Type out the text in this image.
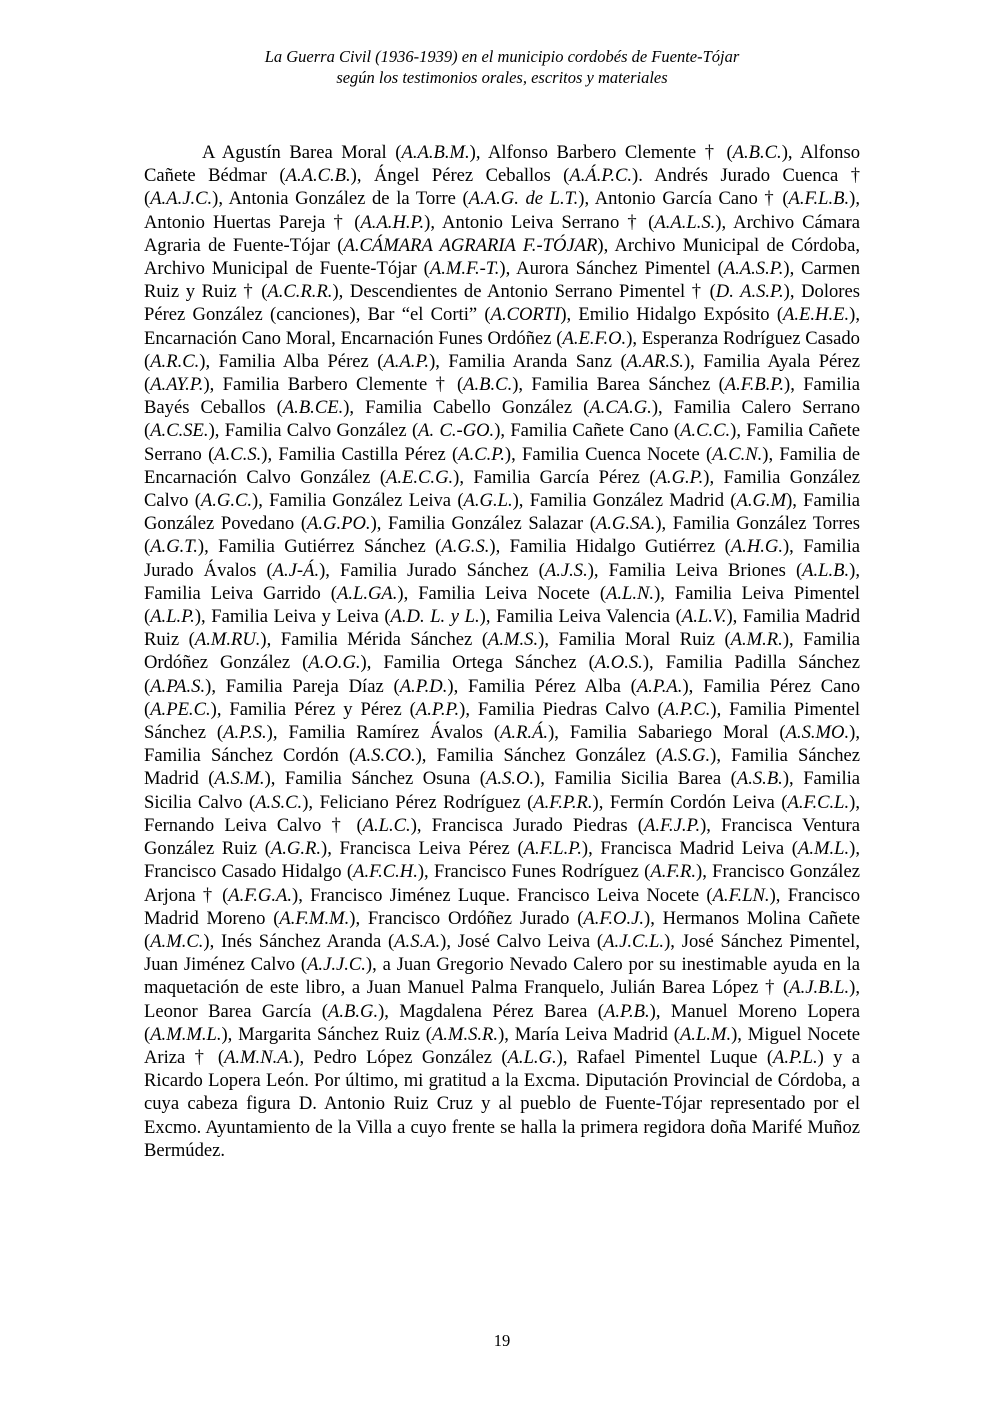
La Guerra Civil (1936-1939) en el municipio cordobés de Fuente-Tójar
según los testimonios orales, escritos y materiales
A Agustín Barea Moral (A.A.B.M.), Alfonso Barbero Clemente † (A.B.C.), Alfonso Cañete Bédmar (A.A.C.B.), Ángel Pérez Ceballos (A.Á.P.C.). Andrés Jurado Cuenca † (A.A.J.C.), Antonia González de la Torre (A.A.G. de L.T.), Antonio García Cano † (A.F.L.B.), Antonio Huertas Pareja † (A.A.H.P.), Antonio Leiva Serrano † (A.A.L.S.), Archivo Cámara Agraria de Fuente-Tójar (A.CÁMARA AGRARIA F.-TÓJAR), Archivo Municipal de Córdoba, Archivo Municipal de Fuente-Tójar (A.M.F.-T.), Aurora Sánchez Pimentel (A.A.S.P.), Carmen Ruiz y Ruiz † (A.C.R.R.), Descendientes de Antonio Serrano Pimentel † (D. A.S.P.), Dolores Pérez González (canciones), Bar “el Corti” (A.CORTI), Emilio Hidalgo Expósito (A.E.H.E.), Encarnación Cano Moral, Encarnación Funes Ordóñez (A.E.F.O.), Esperanza Rodríguez Casado (A.R.C.), Familia Alba Pérez (A.A.P.), Familia Aranda Sanz (A.AR.S.), Familia Ayala Pérez (A.AY.P.), Familia Barbero Clemente † (A.B.C.), Familia Barea Sánchez (A.F.B.P.), Familia Bayés Ceballos (A.B.CE.), Familia Cabello González (A.CA.G.), Familia Calero Serrano (A.C.SE.), Familia Calvo González (A. C.-GO.), Familia Cañete Cano (A.C.C.), Familia Cañete Serrano (A.C.S.), Familia Castilla Pérez (A.C.P.), Familia Cuenca Nocete (A.C.N.), Familia de Encarnación Calvo González (A.E.C.G.), Familia García Pérez (A.G.P.), Familia González Calvo (A.G.C.), Familia González Leiva (A.G.L.), Familia González Madrid (A.G.M), Familia González Povedano (A.G.PO.), Familia González Salazar (A.G.SA.), Familia González Torres (A.G.T.), Familia Gutiérrez Sánchez (A.G.S.), Familia Hidalgo Gutiérrez (A.H.G.), Familia Jurado Ávalos (A.J-Á.), Familia Jurado Sánchez (A.J.S.), Familia Leiva Briones (A.L.B.), Familia Leiva Garrido (A.L.GA.), Familia Leiva Nocete (A.L.N.), Familia Leiva Pimentel (A.L.P.), Familia Leiva y Leiva (A.D. L. y L.), Familia Leiva Valencia (A.L.V.), Familia Madrid Ruiz (A.M.RU.), Familia Mérida Sánchez (A.M.S.), Familia Moral Ruiz (A.M.R.), Familia Ordóñez González (A.O.G.), Familia Ortega Sánchez (A.O.S.), Familia Padilla Sánchez (A.PA.S.), Familia Pareja Díaz (A.P.D.), Familia Pérez Alba (A.P.A.), Familia Pérez Cano (A.PE.C.), Familia Pérez y Pérez (A.P.P.), Familia Piedras Calvo (A.P.C.), Familia Pimentel Sánchez (A.P.S.), Familia Ramírez Ávalos (A.R.Á.), Familia Sabariego Moral (A.S.MO.), Familia Sánchez Cordón (A.S.CO.), Familia Sánchez González (A.S.G.), Familia Sánchez Madrid (A.S.M.), Familia Sánchez Osuna (A.S.O.), Familia Sicilia Barea (A.S.B.), Familia Sicilia Calvo (A.S.C.), Feliciano Pérez Rodríguez (A.F.P.R.), Fermín Cordón Leiva (A.F.C.L.), Fernando Leiva Calvo † (A.L.C.), Francisca Jurado Piedras (A.F.J.P.), Francisca Ventura González Ruiz (A.G.R.), Francisca Leiva Pérez (A.F.L.P.), Francisca Madrid Leiva (A.M.L.), Francisco Casado Hidalgo (A.F.C.H.), Francisco Funes Rodríguez (A.F.R.), Francisco González Arjona † (A.F.G.A.), Francisco Jiménez Luque. Francisco Leiva Nocete (A.F.LN.), Francisco Madrid Moreno (A.F.M.M.), Francisco Ordóñez Jurado (A.F.O.J.), Hermanos Molina Cañete (A.M.C.), Inés Sánchez Aranda (A.S.A.), José Calvo Leiva (A.J.C.L.), José Sánchez Pimentel, Juan Jiménez Calvo (A.J.J.C.), a Juan Gregorio Nevado Calero por su inestimable ayuda en la maquetación de este libro, a Juan Manuel Palma Franquelo, Julián Barea López † (A.J.B.L.), Leonor Barea García (A.B.G.), Magdalena Pérez Barea (A.P.B.), Manuel Moreno Lopera (A.M.M.L.), Margarita Sánchez Ruiz (A.M.S.R.), María Leiva Madrid (A.L.M.), Miguel Nocete Ariza † (A.M.N.A.), Pedro López González (A.L.G.), Rafael Pimentel Luque (A.P.L.) y a Ricardo Lopera León. Por último, mi gratitud a la Excma. Diputación Provincial de Córdoba, a cuya cabeza figura D. Antonio Ruiz Cruz y al pueblo de Fuente-Tójar representado por el Excmo. Ayuntamiento de la Villa a cuyo frente se halla la primera regidora doña Marifé Muñoz Bermúdez.
19
